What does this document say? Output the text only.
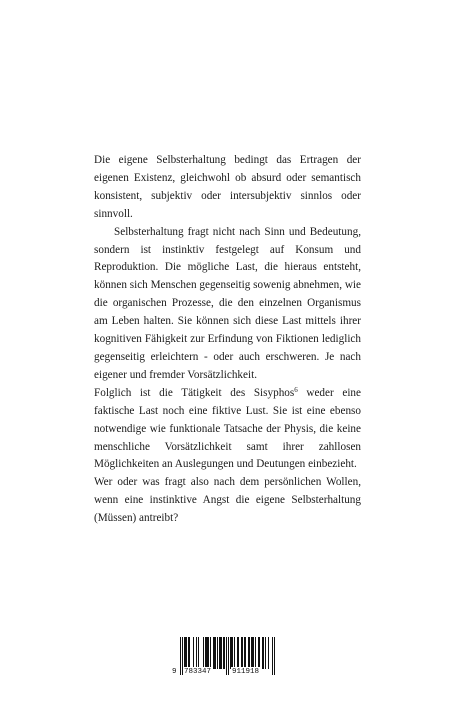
Die eigene Selbsterhaltung bedingt das Ertragen der eigenen Existenz, gleichwohl ob absurd oder semantisch konsistent, subjektiv oder intersubjektiv sinnlos oder sinnvoll.

Selbsterhaltung fragt nicht nach Sinn und Bedeutung, sondern ist instinktiv festgelegt auf Konsum und Reproduktion. Die mögliche Last, die hieraus entsteht, können sich Menschen gegenseitig sowenig abnehmen, wie die organischen Prozesse, die den einzelnen Organismus am Leben halten. Sie können sich diese Last mittels ihrer kognitiven Fähigkeit zur Erfindung von Fiktionen lediglich gegenseitig erleichtern - oder auch erschweren. Je nach eigener und fremder Vorsätzlichkeit.

Folglich ist die Tätigkeit des Sisyphos$^6$ weder eine faktische Last noch eine fiktive Lust. Sie ist eine ebenso notwendige wie funktionale Tatsache der Physis, die keine menschliche Vorsätzlichkeit samt ihrer zahllosen Möglichkeiten an Auslegungen und Deutungen einbezieht.

Wer oder was fragt also nach dem persönlichen Wollen, wenn eine instinktive Angst die eigene Selbsterhaltung (Müssen) antreibt?

9 783347	911918
